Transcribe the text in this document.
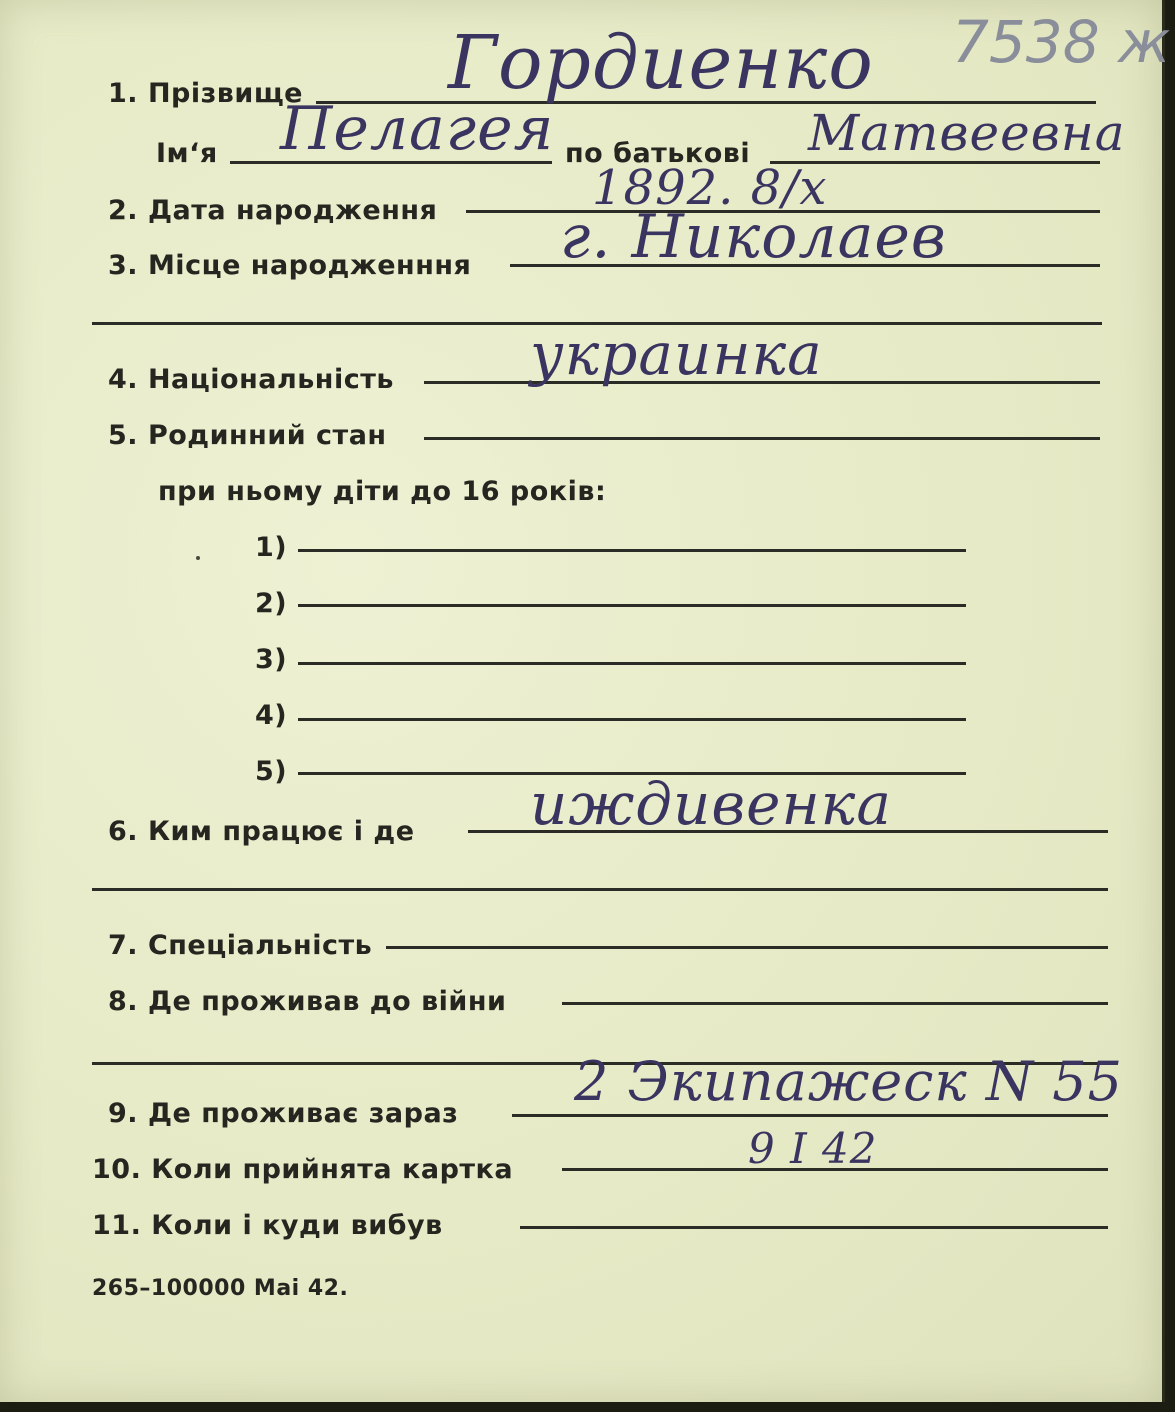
7538 ж
1. Прізвище Гордиенко
Ім‘я Пелагея по батькові Матвеевна
2. Дата народження	1892. 8/х
3. Місце народженння г. Николаев
4. Національність украинка
5. Родинний стан
при ньому діти до 16 років:
1)
2)
3)
4)
5)
6. Ким працює і де иждивенка
7. Спеціальність
8. Де проживав до війни
9. Де проживає зараз
2 Экипажеск N 55
10. Коли прийнята картка	9 І 42
11. Коли і куди вибув
265–100000 Mai 42.
